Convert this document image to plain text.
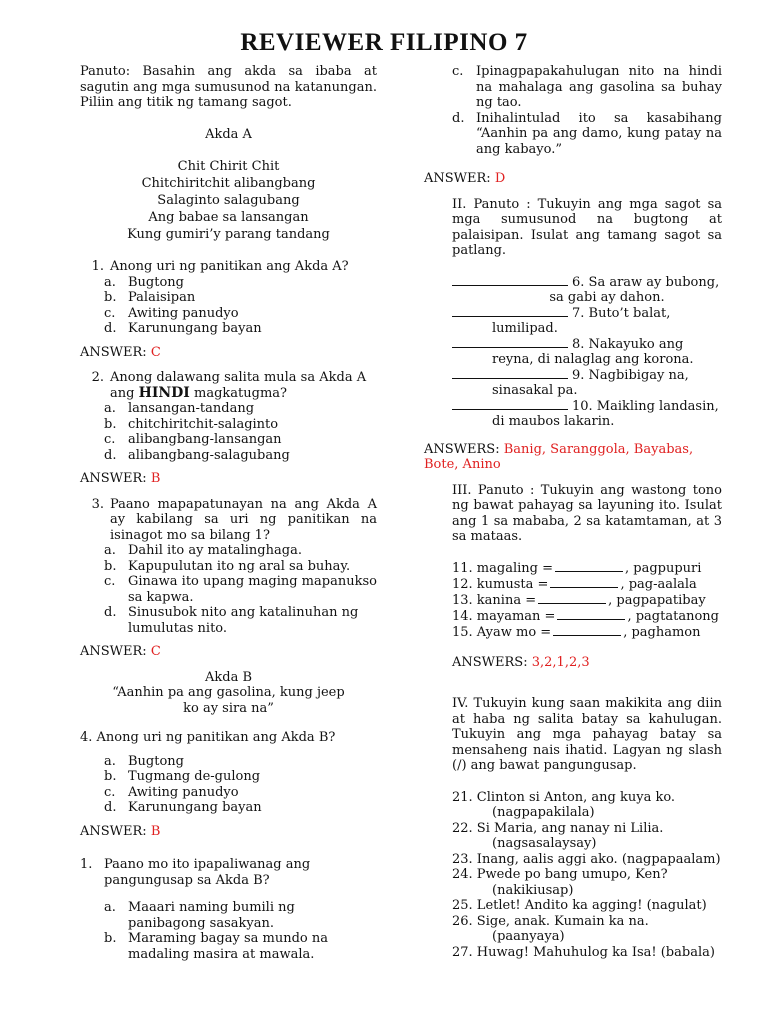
REVIEWER FILIPINO 7

Panuto: Basahin ang akda sa ibaba at sagutin ang mga sumusunod na katanungan. Piliin ang titik ng tamang sagot.

Akda A

Chit Chirit Chit

Chitchiritchit alibangbang

Salaginto salagubang

Ang babae sa lansangan

Kung gumiri’y parang tandang

1. Anong uri ng panitikan ang Akda A?
a. Bugtong
b. Palaisipan
c. Awiting panudyo
d. Karunungang bayan

ANSWER: C

2. Anong dalawang salita mula sa Akda A ang HINDI magkatugma?
a. lansangan-tandang
b. chitchiritchit-salaginto
c. alibangbang-lansangan
d. alibangbang-salagubang

ANSWER: B

3. Paano mapapatunayan na ang Akda A ay kabilang sa uri ng panitikan na isinagot mo sa bilang 1?
a. Dahil ito ay matalinghaga.
b. Kapupulutan ito ng aral sa buhay.
c. Ginawa ito upang maging mapanukso sa kapwa.
d. Sinusubok nito ang katalinuhan ng lumulutas nito.

ANSWER: C

Akda B

“Aanhin pa ang gasolina, kung jeep ko ay sira na”

4. Anong uri ng panitikan ang Akda B?

a. Bugtong
b. Tugmang de-gulong
c. Awiting panudyo
d. Karunungang bayan

ANSWER: B

1. Paano mo ito ipapaliwanag ang pangungusap sa Akda B?
a. Maaari naming bumili ng panibagong sasakyan.
b. Maraming bagay sa mundo na madaling masira at mawala.
c. Ipinagpapakahulugan nito na hindi na mahalaga ang gasolina sa buhay ng tao.
d. Inihalintulad ito sa kasabihang “Aanhin pa ang damo, kung patay na ang kabayo.”

ANSWER: D

II. Panuto : Tukuyin ang mga sagot sa mga sumusunod na bugtong at palaisipan. Isulat ang tamang sagot sa patlang.

6. Sa araw ay bubong,

sa gabi ay dahon.

7. Buto’t balat,

lumilipad.

8. Nakayuko ang

reyna, di nalaglag ang korona.

9. Nagbibigay na,

sinasakal pa.

10. Maikling landasin,

di maubos lakarin.

ANSWERS: Banig, Saranggola, Bayabas, Bote, Anino

III. Panuto : Tukuyin ang wastong tono ng bawat pahayag sa layuning ito. Isulat ang 1 sa mababa, 2 sa katamtaman, at 3 sa mataas.

11. magaling =	, pagpupuri

12. kumusta =	, pag-aalala

13. kanina =	, pagpapatibay

14. mayaman =	, pagtatanong

15. Ayaw mo =	, paghamon

ANSWERS: 3,2,1,2,3

IV. Tukuyin kung saan makikita ang diin at haba ng salita batay sa kahulugan. Tukuyin ang mga pahayag batay sa mensaheng nais ihatid. Lagyan ng slash (/) ang bawat pangungusap.

21. Clinton si Anton, ang kuya ko.

(nagpapakilala)

22. Si Maria, ang nanay ni Lilia.

(nagsasalaysay)

23. Inang, aalis aggi ako. (nagpapaalam)

24. Pwede po bang umupo, Ken?

(nakikiusap)

25. Letlet! Andito ka agging! (nagulat)

26. Sige, anak. Kumain ka na.

(paanyaya)

27. Huwag! Mahuhulog ka Isa! (babala)
